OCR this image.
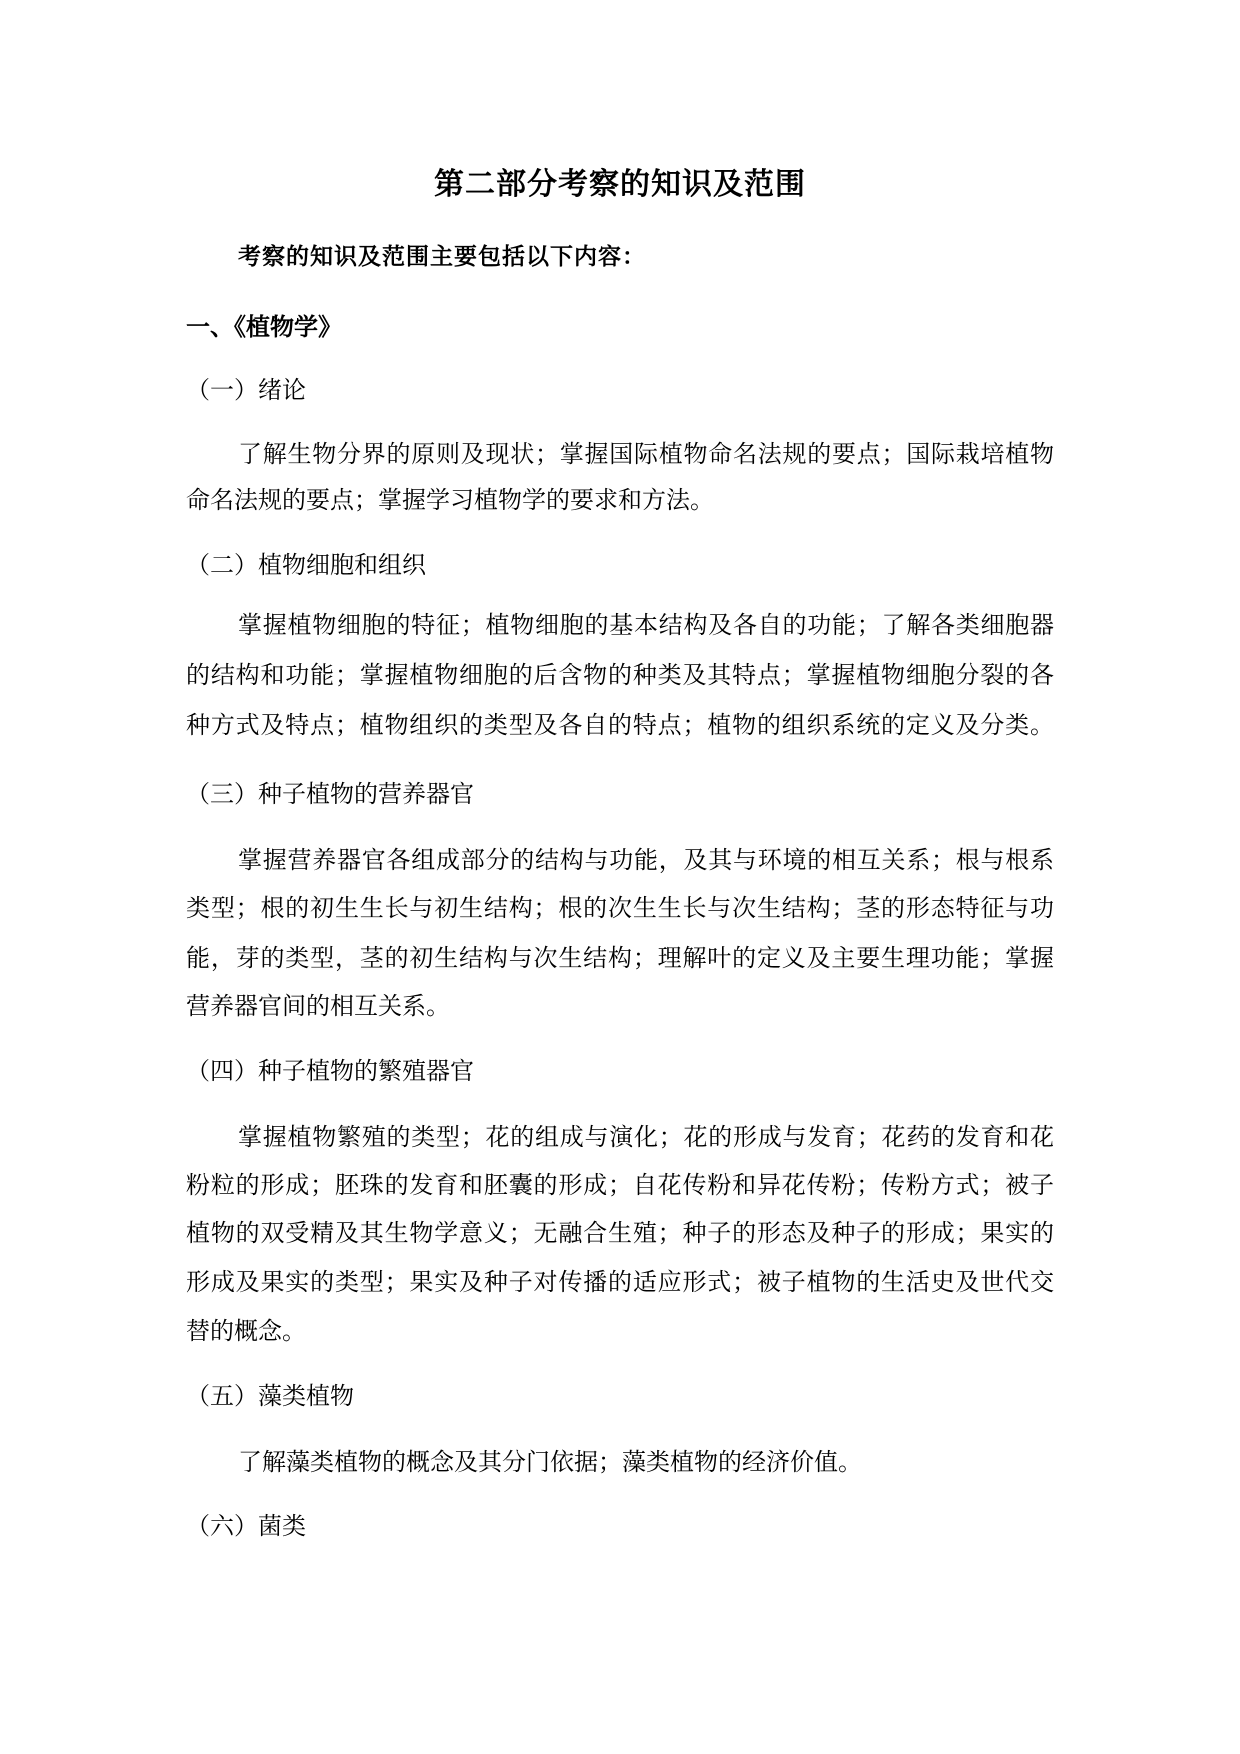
第二部分考察的知识及范围
考察的知识及范围主要包括以下内容：
一、《植物学》
（一）绪论
了解生物分界的原则及现状；掌握国际植物命名法规的要点；国际栽培植物
命名法规的要点；掌握学习植物学的要求和方法。
（二）植物细胞和组织
掌握植物细胞的特征；植物细胞的基本结构及各自的功能；了解各类细胞器
的结构和功能；掌握植物细胞的后含物的种类及其特点；掌握植物细胞分裂的各
种方式及特点；植物组织的类型及各自的特点；植物的组织系统的定义及分类。
（三）种子植物的营养器官
掌握营养器官各组成部分的结构与功能，及其与环境的相互关系；根与根系
类型；根的初生生长与初生结构；根的次生生长与次生结构；茎的形态特征与功
能，芽的类型，茎的初生结构与次生结构；理解叶的定义及主要生理功能；掌握
营养器官间的相互关系。
（四）种子植物的繁殖器官
掌握植物繁殖的类型；花的组成与演化；花的形成与发育；花药的发育和花
粉粒的形成；胚珠的发育和胚囊的形成；自花传粉和异花传粉；传粉方式；被子
植物的双受精及其生物学意义；无融合生殖；种子的形态及种子的形成；果实的
形成及果实的类型；果实及种子对传播的适应形式；被子植物的生活史及世代交
替的概念。
（五）藻类植物
了解藻类植物的概念及其分门依据；藻类植物的经济价值。
（六）菌类
